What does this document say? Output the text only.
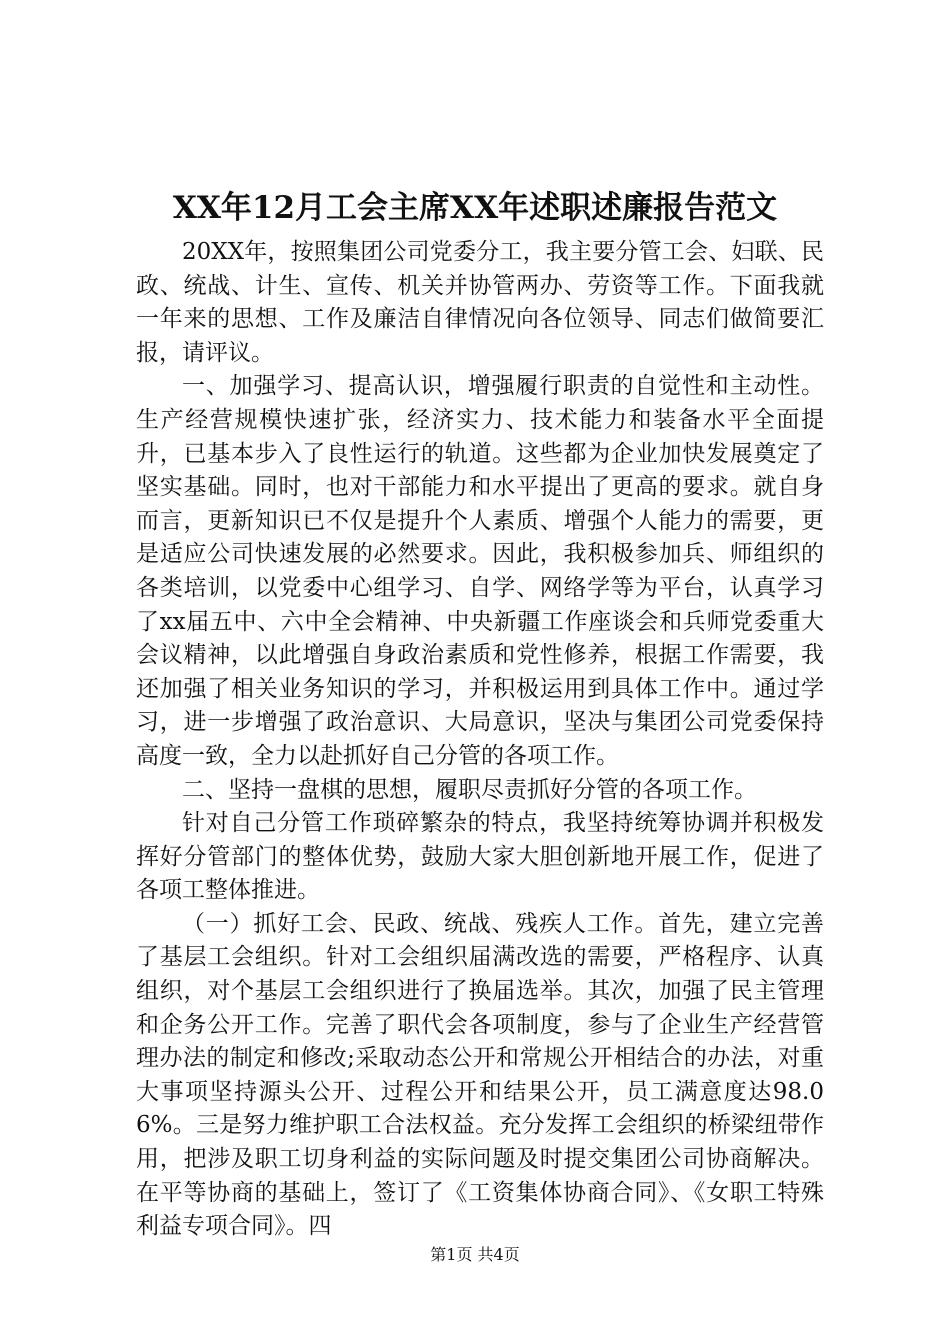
XX年12月工会主席XX年述职述廉报告范文

20XX年，按照集团公司党委分工，我主要分管工会、妇联、民政、统战、计生、宣传、机关并协管两办、劳资等工作。下面我就一年来的思想、工作及廉洁自律情况向各位领导、同志们做简要汇报，请评议。

一、加强学习、提高认识，增强履行职责的自觉性和主动性。生产经营规模快速扩张，经济实力、技术能力和装备水平全面提升，已基本步入了良性运行的轨道。这些都为企业加快发展奠定了坚实基础。同时，也对干部能力和水平提出了更高的要求。就自身而言，更新知识已不仅是提升个人素质、增强个人能力的需要，更是适应公司快速发展的必然要求。因此，我积极参加兵、师组织的各类培训，以党委中心组学习、自学、网络学等为平台，认真学习了xx届五中、六中全会精神、中央新疆工作座谈会和兵师党委重大会议精神，以此增强自身政治素质和党性修养，根据工作需要，我还加强了相关业务知识的学习，并积极运用到具体工作中。通过学习，进一步增强了政治意识、大局意识，坚决与集团公司党委保持高度一致，全力以赴抓好自己分管的各项工作。

二、坚持一盘棋的思想，履职尽责抓好分管的各项工作。

针对自己分管工作琐碎繁杂的特点，我坚持统筹协调并积极发挥好分管部门的整体优势，鼓励大家大胆创新地开展工作，促进了各项工整体推进。

（一）抓好工会、民政、统战、残疾人工作。首先，建立完善了基层工会组织。针对工会组织届满改选的需要，严格程序、认真组织，对个基层工会组织进行了换届选举。其次，加强了民主管理和企务公开工作。完善了职代会各项制度，参与了企业生产经营管理办法的制定和修改;采取动态公开和常规公开相结合的办法，对重大事项坚持源头公开、过程公开和结果公开，员工满意度达98.06%。三是努力维护职工合法权益。充分发挥工会组织的桥梁纽带作用，把涉及职工切身利益的实际问题及时提交集团公司协商解决。在平等协商的基础上，签订了《工资集体协商合同》、《女职工特殊利益专项合同》。四

第1页 共4页
